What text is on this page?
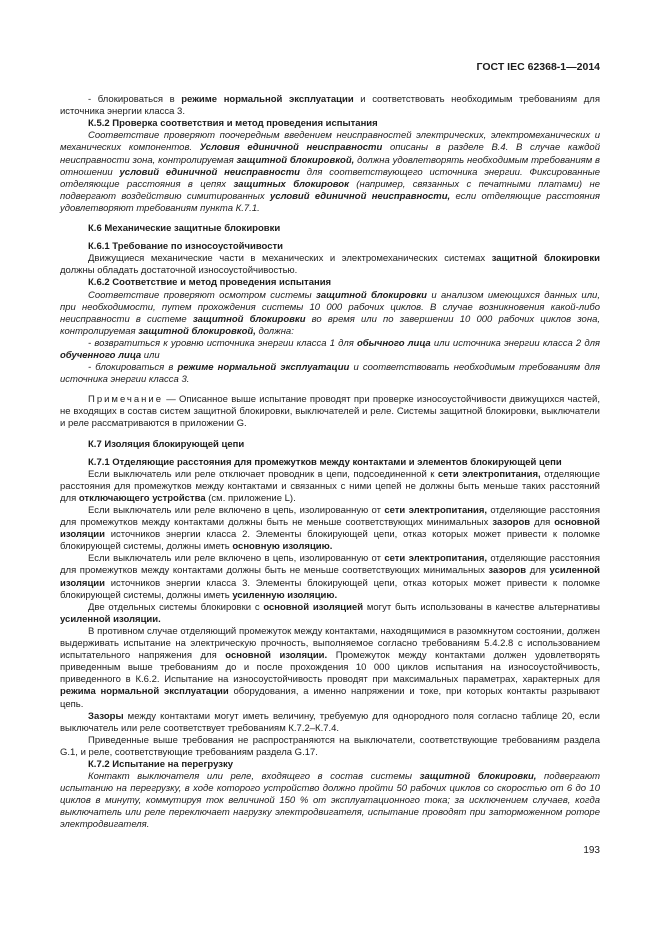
ГОСТ IEC 62368-1—2014
- блокироваться в режиме нормальной эксплуатации и соответствовать необходимым требованиям для источника энергии класса 3.
К.5.2 Проверка соответствия и метод проведения испытания
Соответствие проверяют поочередным введением неисправностей электрических, электромеханических и механических компонентов. Условия единичной неисправности описаны в разделе В.4. В случае каждой неисправности зона, контролируемая защитной блокировкой, должна удовлетворять необходимым требованиям в отношении условий единичной неисправности для соответствующего источника энергии. Фиксированные отделяющие расстояния в цепях защитных блокировок (например, связанных с печатными платами) не подвергают воздействию симитированных условий единичной неисправности, если отделяющие расстояния удовлетворяют требованиям пункта К.7.1.
К.6 Механические защитные блокировки
К.6.1 Требование по износоустойчивости
Движущиеся механические части в механических и электромеханических системах защитной блокировки должны обладать достаточной износоустойчивостью.
К.6.2 Соответствие и метод проведения испытания
Соответствие проверяют осмотром системы защитной блокировки и анализом имеющихся данных или, при необходимости, путем прохождения системы 10 000 рабочих циклов. В случае возникновения какой-либо неисправности в системе защитной блокировки во время или по завершении 10 000 рабочих циклов зона, контролируемая защитной блокировкой, должна:
- возвратиться к уровню источника энергии класса 1 для обычного лица или источника энергии класса 2 для обученного лица или
- блокироваться в режиме нормальной эксплуатации и соответствовать необходимым требованиям для источника энергии класса 3.
Примечание — Описанное выше испытание проводят при проверке износоустойчивости движущихся частей, не входящих в состав систем защитной блокировки, выключателей и реле. Системы защитной блокировки, выключатели и реле рассматриваются в приложении G.
К.7 Изоляция блокирующей цепи
К.7.1 Отделяющие расстояния для промежутков между контактами и элементов блокирующей цепи
Если выключатель или реле отключает проводник в цепи, подсоединенной к сети электропитания, отделяющие расстояния для промежутков между контактами и связанных с ними цепей не должны быть меньше таких расстояний для отключающего устройства (см. приложение L).
Если выключатель или реле включено в цепь, изолированную от сети электропитания, отделяющие расстояния для промежутков между контактами должны быть не меньше соответствующих минимальных зазоров для основной изоляции источников энергии класса 2. Элементы блокирующей цепи, отказ которых может привести к поломке блокирующей системы, должны иметь основную изоляцию.
Если выключатель или реле включено в цепь, изолированную от сети электропитания, отделяющие расстояния для промежутков между контактами должны быть не меньше соответствующих минимальных зазоров для усиленной изоляции источников энергии класса 3. Элементы блокирующей цепи, отказ которых может привести к поломке блокирующей системы, должны иметь усиленную изоляцию.
Две отдельных системы блокировки с основной изоляцией могут быть использованы в качестве альтернативы усиленной изоляции.
В противном случае отделяющий промежуток между контактами, находящимися в разомкнутом состоянии, должен выдерживать испытание на электрическую прочность, выполняемое согласно требованиям 5.4.2.8 с использованием испытательного напряжения для основной изоляции. Промежуток между контактами должен удовлетворять приведенным выше требованиям до и после прохождения 10 000 циклов испытания на износоустойчивость, приведенного в К.6.2. Испытание на износоустойчивость проводят при максимальных параметрах, характерных для режима нормальной эксплуатации оборудования, а именно напряжении и токе, при которых контакты разрывают цепь.
Зазоры между контактами могут иметь величину, требуемую для однородного поля согласно таблице 20, если выключатель или реле соответствует требованиям К.7.2–К.7.4.
Приведенные выше требования не распространяются на выключатели, соответствующие требованиям раздела G.1, и реле, соответствующие требованиям раздела G.17.
К.7.2 Испытание на перегрузку
Контакт выключателя или реле, входящего в состав системы защитной блокировки, подвергают испытанию на перегрузку, в ходе которого устройство должно пройти 50 рабочих циклов со скоростью от 6 до 10 циклов в минуту, коммутируя ток величиной 150 % от эксплуатационного тока; за исключением случаев, когда выключатель или реле переключает нагрузку электродвигателя, испытание проводят при заторможенном роторе электродвигателя.
193
